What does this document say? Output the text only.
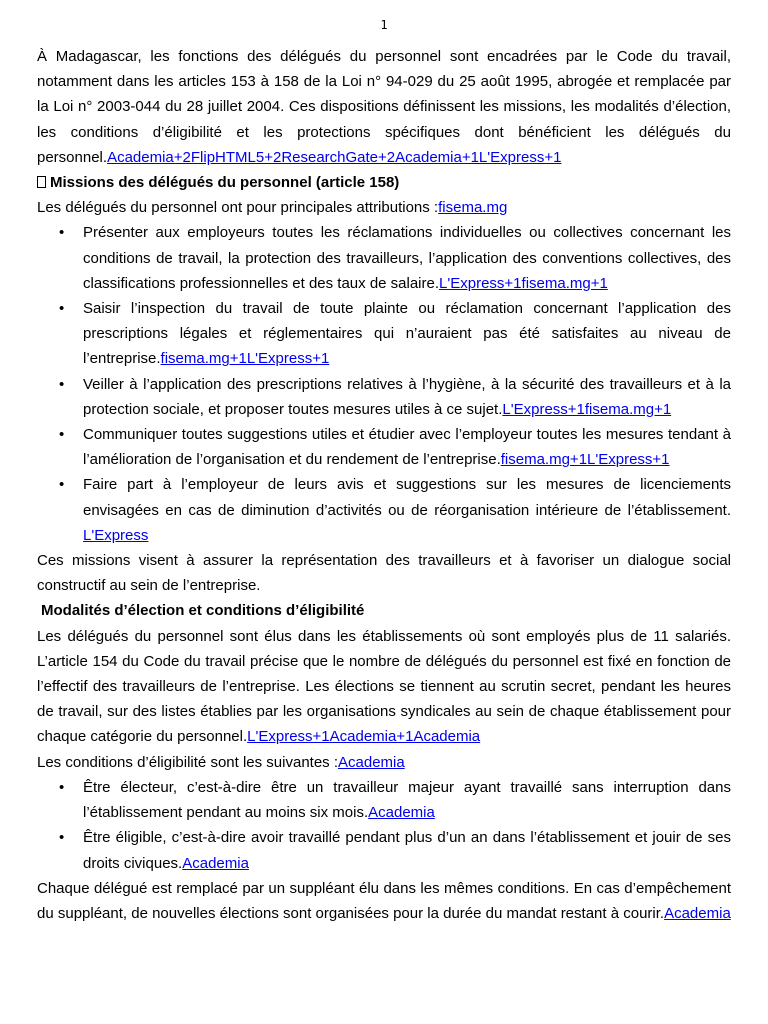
1

À Madagascar, les fonctions des délégués du personnel sont encadrées par le Code du travail, notamment dans les articles 153 à 158 de la Loi n° 94-029 du 25 août 1995, abrogée et remplacée par la Loi n° 2003-044 du 28 juillet 2004. Ces dispositions définissent les missions, les modalités d’élection, les conditions d’éligibilité et les protections spécifiques dont bénéficient les délégués du personnel.Academia+2FlipHTML5+2ResearchGate+2Academia+1L'Express+1

Missions des délégués du personnel (article 158)

Les délégués du personnel ont pour principales attributions :fisema.mg

• Présenter aux employeurs toutes les réclamations individuelles ou collectives concernant les conditions de travail, la protection des travailleurs, l’application des conventions collectives, des classifications professionnelles et des taux de salaire.L'Express+1fisema.mg+1
• Saisir l’inspection du travail de toute plainte ou réclamation concernant l’application des prescriptions légales et réglementaires qui n’auraient pas été satisfaites au niveau de l’entreprise.fisema.mg+1L'Express+1
• Veiller à l’application des prescriptions relatives à l’hygiène, à la sécurité des travailleurs et à la protection sociale, et proposer toutes mesures utiles à ce sujet.L'Express+1fisema.mg+1
• Communiquer toutes suggestions utiles et étudier avec l’employeur toutes les mesures tendant à l’amélioration de l’organisation et du rendement de l’entreprise.fisema.mg+1L'Express+1
• Faire part à l’employeur de leurs avis et suggestions sur les mesures de licenciements envisagées en cas de diminution d’activités ou de réorganisation intérieure de l’établissement. L'Express

Ces missions visent à assurer la représentation des travailleurs et à favoriser un dialogue social constructif au sein de l’entreprise.

Modalités d’élection et conditions d’éligibilité

Les délégués du personnel sont élus dans les établissements où sont employés plus de 11 salariés. L’article 154 du Code du travail précise que le nombre de délégués du personnel est fixé en fonction de l’effectif des travailleurs de l’entreprise. Les élections se tiennent au scrutin secret, pendant les heures de travail, sur des listes établies par les organisations syndicales au sein de chaque établissement pour chaque catégorie du personnel.L'Express+1Academia+1Academia

Les conditions d’éligibilité sont les suivantes :Academia

• Être électeur, c’est-à-dire être un travailleur majeur ayant travaillé sans interruption dans l’établissement pendant au moins six mois.Academia
• Être éligible, c’est-à-dire avoir travaillé pendant plus d’un an dans l’établissement et jouir de ses droits civiques.Academia

Chaque délégué est remplacé par un suppléant élu dans les mêmes conditions. En cas d’empêchement du suppléant, de nouvelles élections sont organisées pour la durée du mandat restant à courir.Academia
